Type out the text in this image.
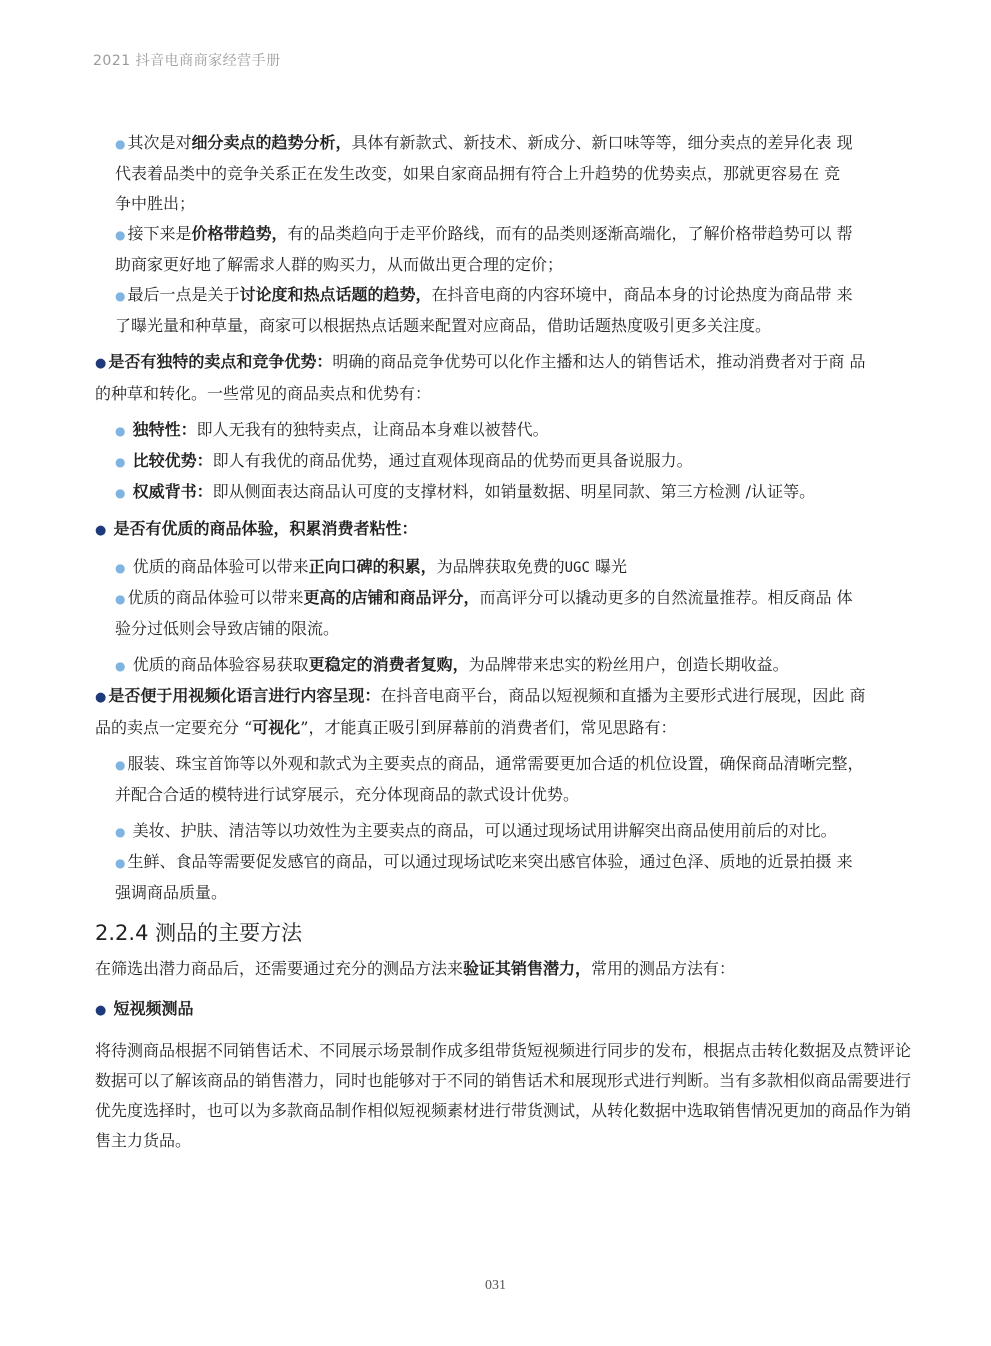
2021 抖音电商商家经营手册
● 其次是对细分卖点的趋势分析，具体有新款式、新技术、新成分、新口味等等，细分卖点的差异化表 现
代表着品类中的竞争关系正在发生改变，如果自家商品拥有符合上升趋势的优势卖点，那就更容易在 竞
争中胜出；
● 接下来是价格带趋势，有的品类趋向于走平价路线，而有的品类则逐渐高端化，了解价格带趋势可以 帮
助商家更好地了解需求人群的购买力，从而做出更合理的定价；
● 最后一点是关于讨论度和热点话题的趋势，在抖音电商的内容环境中，商品本身的讨论热度为商品带 来
了曝光量和种草量，商家可以根据热点话题来配置对应商品，借助话题热度吸引更多关注度。
● 是否有独特的卖点和竞争优势：明确的商品竞争优势可以化作主播和达人的销售话术，推动消费者对于商 品
的种草和转化。一些常见的商品卖点和优势有：
● 独特性：即人无我有的独特卖点，让商品本身难以被替代。
● 比较优势：即人有我优的商品优势，通过直观体现商品的优势而更具备说服力。
● 权威背书：即从侧面表达商品认可度的支撑材料，如销量数据、明星同款、第三方检测 /认证等。
● 是否有优质的商品体验，积累消费者粘性：
● 优质的商品体验可以带来正向口碑的积累，为品牌获取免费的UGC 曝光
● 优质的商品体验可以带来更高的店铺和商品评分，而高评分可以撬动更多的自然流量推荐。相反商品 体
验分过低则会导致店铺的限流。
● 优质的商品体验容易获取更稳定的消费者复购，为品牌带来忠实的粉丝用户，创造长期收益。
● 是否便于用视频化语言进行内容呈现：在抖音电商平台，商品以短视频和直播为主要形式进行展现，因此 商
品的卖点一定要充分 “可视化”，才能真正吸引到屏幕前的消费者们，常见思路有：
● 服装、珠宝首饰等以外观和款式为主要卖点的商品，通常需要更加合适的机位设置，确保商品清晰完整，
并配合合适的模特进行试穿展示，充分体现商品的款式设计优势。
● 美妆、护肤、清洁等以功效性为主要卖点的商品，可以通过现场试用讲解突出商品使用前后的对比。
● 生鲜、食品等需要促发感官的商品，可以通过现场试吃来突出感官体验，通过色泽、质地的近景拍摄 来
强调商品质量。
2.2.4 测品的主要方法
在筛选出潜力商品后，还需要通过充分的测品方法来验证其销售潜力，常用的测品方法有：
● 短视频测品

将待测商品根据不同销售话术、不同展示场景制作成多组带货短视频进行同步的发布，根据点击转化数据及点赞评论数据可以了解该商品的销售潜力，同时也能够对于不同的销售话术和展现形式进行判断。当有多款相似商品需要进行优先度选择时，也可以为多款商品制作相似短视频素材进行带货测试，从转化数据中选取销售情况更加的商品作为销售主力货品。

031
